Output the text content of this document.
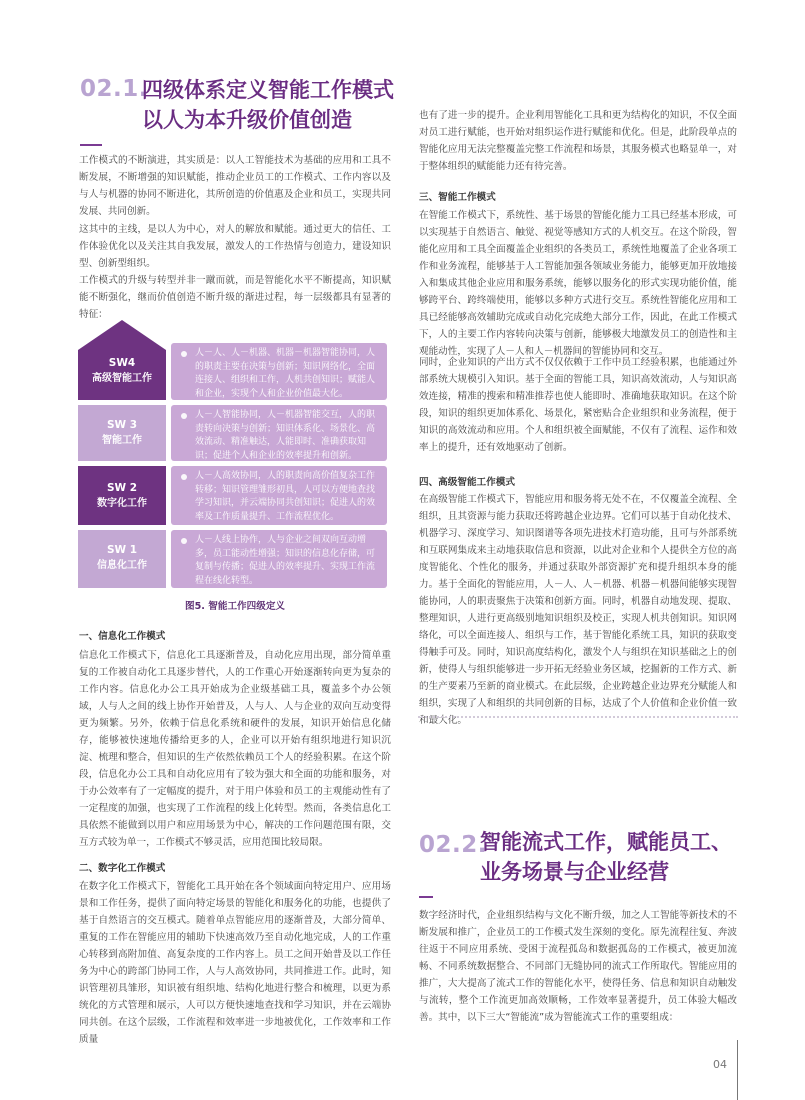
02.1.
四级体系定义智能工作模式
以人为本升级价值创造

工作模式的不断演进，其实质是：以人工智能技术为基础的应用和工具不断发展，不断增强的知识赋能，推动企业员工的工作模式、工作内容以及与人与机器的协同不断进化，其所创造的价值惠及企业和员工，实现共同发展、共同创新。

这其中的主线，是以人为中心，对人的解放和赋能。通过更大的信任、工作体验优化以及关注其自我发展，激发人的工作热情与创造力，建设知识型、创新型组织。

工作模式的升级与转型并非一蹴而就，而是智能化水平不断提高，知识赋能不断强化，继而价值创造不断升级的渐进过程，每一层级都具有显著的特征：

SW4
高级智能工作
人－人、人－机器、机器－机器智能协同，人的职责主要在决策与创新；知识网络化，全面连接人、组织和工作，人机共创知识；赋能人和企业，实现个人和企业价值最大化。
SW 3
智能工作
人－人智能协同，人－机器智能交互，人的职责转向决策与创新；知识体系化、场景化、高效流动、精准触达，人能即时、准确获取知识；促进个人和企业的效率提升和创新。
SW 2
数字化工作
人－人高效协同，人的职责向高价值复杂工作转移；知识管理雏形初具，人可以方便地查找学习知识，并云端协同共创知识；促进人的效率及工作质量提升、工作流程优化。
SW 1
信息化工作
人－人线上协作，人与企业之间双向互动增多，员工能动性增强；知识的信息化存储，可复制与传播；促进人的效率提升、实现工作流程在线化转型。
图5. 智能工作四级定义
一、信息化工作模式

信息化工作模式下，信息化工具逐渐普及，自动化应用出现，部分简单重复的工作被自动化工具逐步替代，人的工作重心开始逐渐转向更为复杂的工作内容。信息化办公工具开始成为企业级基础工具，覆盖多个办公领域，人与人之间的线上协作开始普及，人与人、人与企业的双向互动变得更为频繁。另外，依赖于信息化系统和硬件的发展，知识开始信息化储存，能够被快速地传播给更多的人，企业可以开始有组织地进行知识沉淀、梳理和整合，但知识的生产依然依赖员工个人的经验积累。在这个阶段，信息化办公工具和自动化应用有了较为强大和全面的功能和服务，对于办公效率有了一定幅度的提升，对于用户体验和员工的主观能动性有了一定程度的加强，也实现了工作流程的线上化转型。然而，各类信息化工具依然不能做到以用户和应用场景为中心，解决的工作问题范围有限，交互方式较为单一，工作模式不够灵活，应用范围比较局限。

二、数字化工作模式

在数字化工作模式下，智能化工具开始在各个领域面向特定用户、应用场景和工作任务，提供了面向特定场景的智能化和服务化的功能，也提供了基于自然语言的交互模式。随着单点智能应用的逐渐普及，大部分简单、重复的工作在智能应用的辅助下快速高效乃至自动化地完成，人的工作重心转移到高附加值、高复杂度的工作内容上。员工之间开始普及以工作任务为中心的跨部门协同工作，人与人高效协同，共同推进工作。此时，知识管理初具雏形，知识被有组织地、结构化地进行整合和梳理，以更为系统化的方式管理和展示，人可以方便快速地查找和学习知识，并在云端协同共创。在这个层级，工作流程和效率进一步地被优化，工作效率和工作质量

也有了进一步的提升。企业利用智能化工具和更为结构化的知识，不仅全面对员工进行赋能，也开始对组织运作进行赋能和优化。但是，此阶段单点的智能化应用无法完整覆盖完整工作流程和场景，其服务模式也略显单一，对于整体组织的赋能能力还有待完善。

三、智能工作模式

在智能工作模式下，系统性、基于场景的智能化能力工具已经基本形成，可以实现基于自然语言、触觉、视觉等感知方式的人机交互。在这个阶段，智能化应用和工具全面覆盖企业组织的各类员工，系统性地覆盖了企业各项工作和业务流程，能够基于人工智能加强各领域业务能力，能够更加开放地接入和集成其他企业应用和服务系统，能够以服务化的形式实现功能价值，能够跨平台、跨终端使用，能够以多种方式进行交互。系统性智能化应用和工具已经能够高效辅助完成或自动化完成绝大部分工作，因此，在此工作模式下，人的主要工作内容转向决策与创新，能够极大地激发员工的创造性和主观能动性，实现了人－人和人－机器间的智能协同和交互。

同时，企业知识的产出方式不仅仅依赖于工作中员工经验积累，也能通过外部系统大规模引入知识。基于全面的智能工具，知识高效流动，人与知识高效连接，精准的搜索和精准推荐也使人能即时、准确地获取知识。在这个阶段，知识的组织更加体系化、场景化，紧密贴合企业组织和业务流程，便于知识的高效流动和应用。个人和组织被全面赋能，不仅有了流程、运作和效率上的提升，还有效地驱动了创新。

四、高级智能工作模式

在高级智能工作模式下，智能应用和服务将无处不在，不仅覆盖全流程、全组织，且其资源与能力获取还将跨越企业边界。它们可以基于自动化技术、机器学习、深度学习、知识图谱等各项先进技术打造功能，且可与外部系统和互联网集成来主动地获取信息和资源，以此对企业和个人提供全方位的高度智能化、个性化的服务，并通过获取外部资源扩充和提升组织本身的能力。基于全面化的智能应用，人－人、人－机器、机器－机器间能够实现智能协同，人的职责聚焦于决策和创新方面。同时，机器自动地发现、提取、整理知识，人进行更高级别地知识组织及校正，实现人机共创知识。知识网络化，可以全面连接人、组织与工作，基于智能化系统工具，知识的获取变得触手可及。同时，知识高度结构化，激发个人与组织在知识基础之上的创新，使得人与组织能够进一步开拓无经验业务区域，挖掘新的工作方式、新的生产要素乃至新的商业模式。在此层级，企业跨越企业边界充分赋能人和组织，实现了人和组织的共同创新的目标，达成了个人价值和企业价值一致和最大化。

02.2.
智能流式工作，赋能员工、
业务场景与企业经营

数字经济时代，企业组织结构与文化不断升级，加之人工智能等新技术的不断发展和推广，企业员工的工作模式发生深刻的变化。原先流程往复、奔波往返于不同应用系统、受困于流程孤岛和数据孤岛的工作模式，被更加流畅、不同系统数据整合、不同部门无缝协同的流式工作所取代。智能应用的推广，大大提高了流式工作的智能化水平，使得任务、信息和知识自动触发与流转，整个工作流更加高效顺畅，工作效率显著提升，员工体验大幅改善。其中，以下三大“智能流”成为智能流式工作的重要组成：

04
